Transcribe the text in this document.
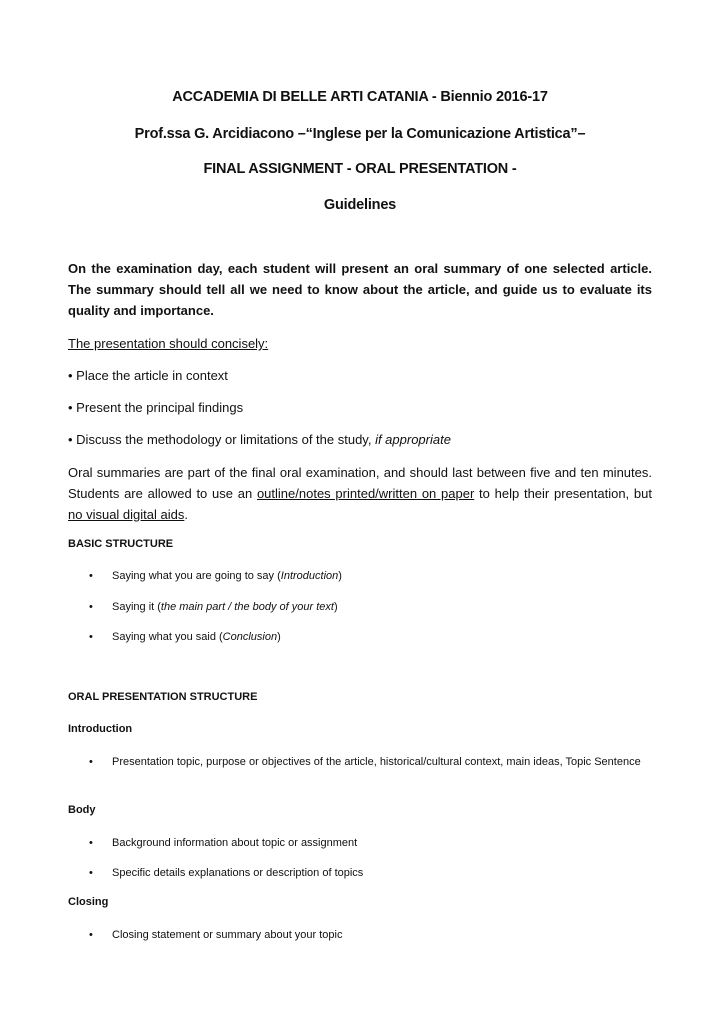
ACCADEMIA DI BELLE ARTI CATANIA - Biennio 2016-17
Prof.ssa G. Arcidiacono –“Inglese per la Comunicazione Artistica”–
FINAL ASSIGNMENT - ORAL PRESENTATION -
Guidelines
On the examination day, each student will present an oral summary of one selected article. The summary should tell all we need to know about the article, and guide us to evaluate its quality and importance.
The presentation should concisely:
• Place the article in context
• Present the principal findings
• Discuss the methodology or limitations of the study, if appropriate
Oral summaries are part of the final oral examination, and should last between five and ten minutes. Students are allowed to use an outline/notes printed/written on paper to help their presentation, but no visual digital aids.
BASIC STRUCTURE
• Saying what you are going to say (Introduction)
• Saying it (the main part / the body of your text)
• Saying what you said (Conclusion)
ORAL PRESENTATION STRUCTURE
Introduction
• Presentation topic, purpose or objectives of the article, historical/cultural context, main ideas, Topic Sentence
Body
• Background information about topic or assignment
• Specific details explanations or description of topics
Closing
• Closing statement or summary about your topic
